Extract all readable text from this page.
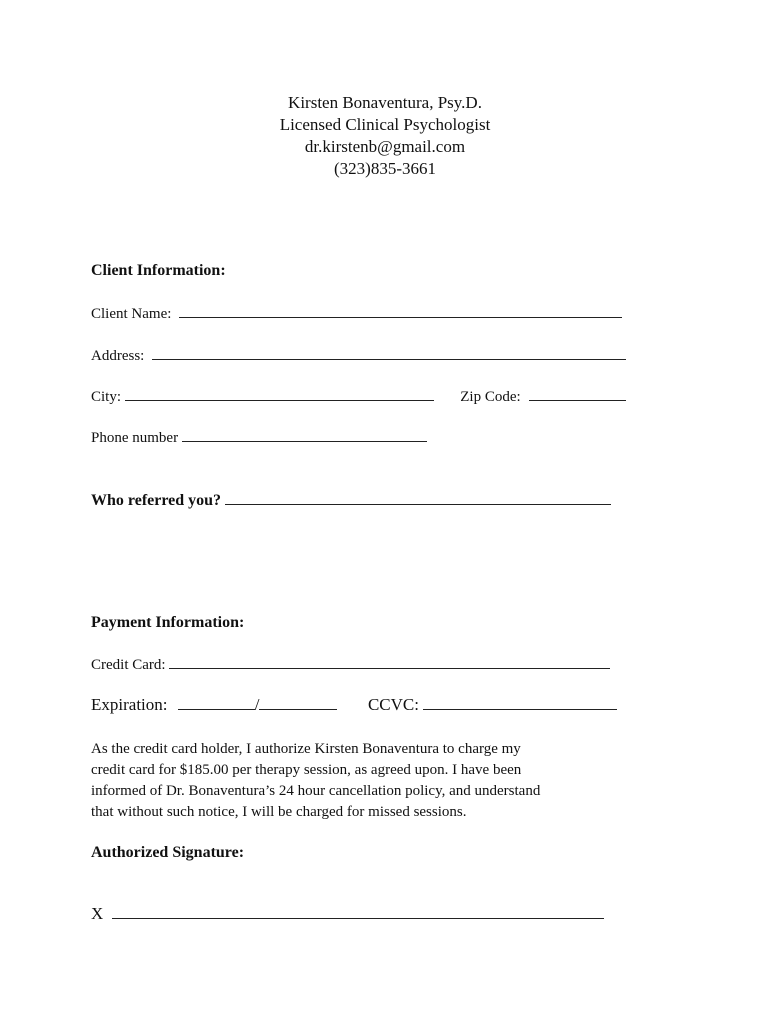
Kirsten Bonaventura, Psy.D.
Licensed Clinical Psychologist
dr.kirstenb@gmail.com
(323)835-3661
Client Information:
Client Name:
Address:
City:	Zip Code:
Phone number
Who referred you?
Payment Information:
Credit Card:
Expiration:	/	CCVC:
As the credit card holder, I authorize Kirsten Bonaventura to charge my
credit card for $185.00 per therapy session, as agreed upon. I have been
informed of Dr. Bonaventura’s 24 hour cancellation policy, and understand
that without such notice, I will be charged for missed sessions.
Authorized Signature:
X
